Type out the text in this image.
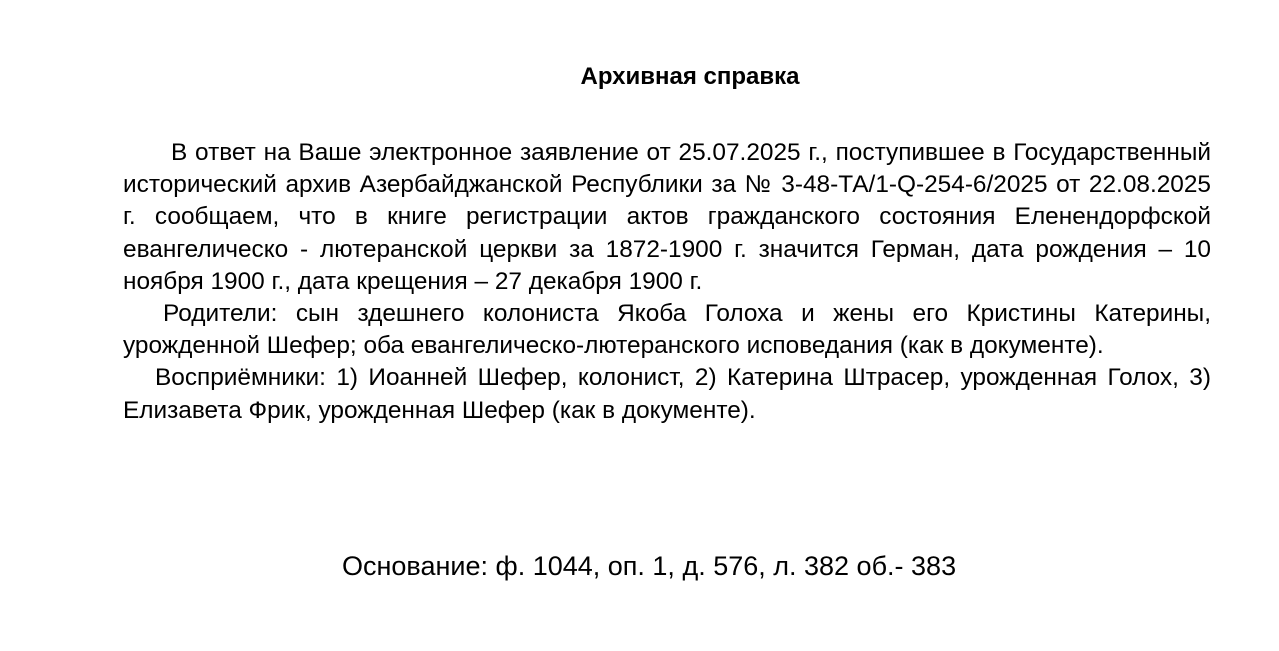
Архивная справка

В ответ на Ваше электронное заявление от 25.07.2025 г., поступившее в Государственный исторический архив Азербайджанской Республики за № 3-48-ТА/1-Q-254-6/2025 от 22.08.2025 г. сообщаем, что в книге регистрации актов гражданского состояния Еленендорфской евангелическо - лютеранской церкви за 1872-1900 г. значится Герман, дата рождения – 10 ноября 1900 г., дата крещения – 27 декабря 1900 г.

Родители: сын здешнего колониста Якоба Голоха и жены его Кристины Катерины, урожденной Шефер; оба евангелическо-лютеранского исповедания (как в документе).

Восприёмники: 1) Иоанней Шефер, колонист, 2) Катерина Штрасер, урожденная Голох, 3) Елизавета Фрик, урожденная Шефер (как в документе).

Основание: ф. 1044, оп. 1, д. 576, л. 382 об.- 383
